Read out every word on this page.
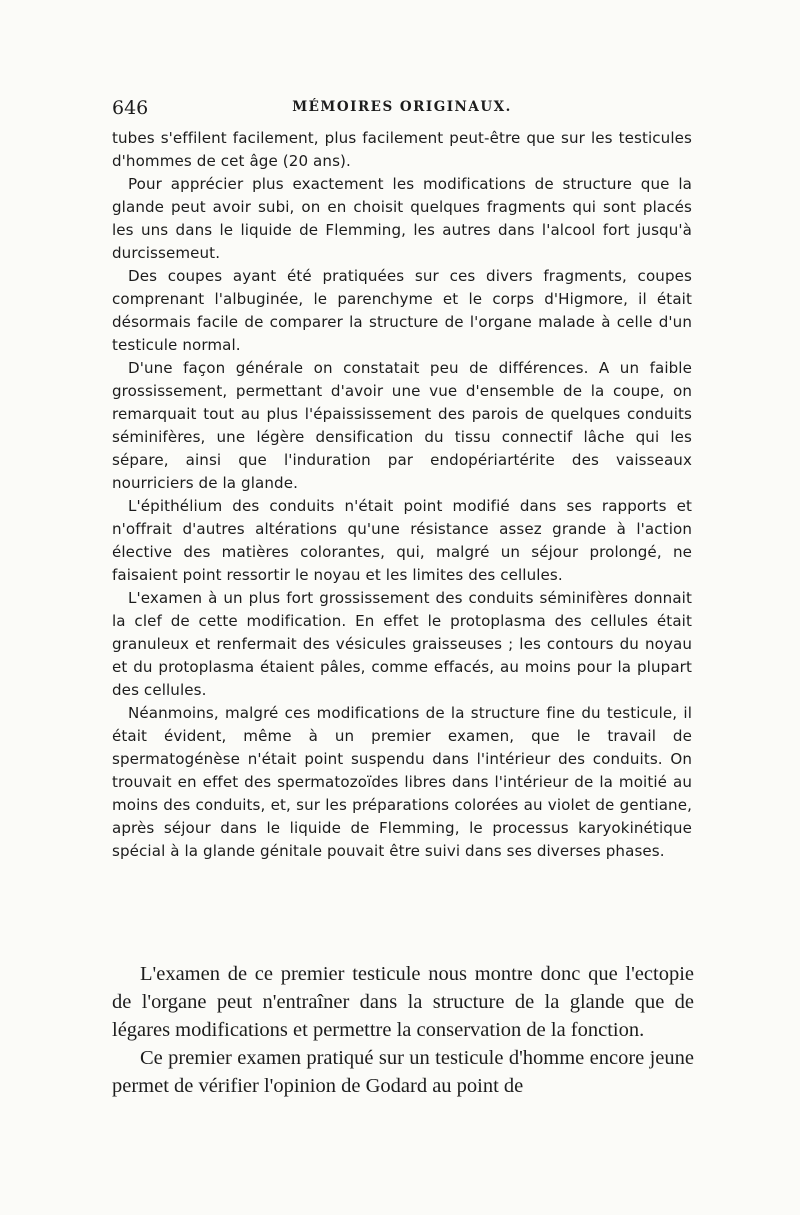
646	MÉMOIRES ORIGINAUX.

tubes s'effilent facilement, plus facilement peut-être que sur les testicules d'hommes de cet âge (20 ans).

Pour apprécier plus exactement les modifications de structure que la glande peut avoir subi, on en choisit quelques fragments qui sont placés les uns dans le liquide de Flemming, les autres dans l'alcool fort jusqu'à durcissemeut.

Des coupes ayant été pratiquées sur ces divers fragments, coupes comprenant l'albuginée, le parenchyme et le corps d'Higmore, il était désormais facile de comparer la structure de l'organe malade à celle d'un testicule normal.

D'une façon générale on constatait peu de différences. A un faible grossissement, permettant d'avoir une vue d'ensemble de la coupe, on remarquait tout au plus l'épaississement des parois de quelques conduits séminifères, une légère densification du tissu connectif lâche qui les sépare, ainsi que l'induration par endopériartérite des vaisseaux nourriciers de la glande.

L'épithélium des conduits n'était point modifié dans ses rapports et n'offrait d'autres altérations qu'une résistance assez grande à l'action élective des matières colorantes, qui, malgré un séjour prolongé, ne faisaient point ressortir le noyau et les limites des cellules.

L'examen à un plus fort grossissement des conduits séminifères donnait la clef de cette modification. En effet le protoplasma des cellules était granuleux et renfermait des vésicules graisseuses ; les contours du noyau et du protoplasma étaient pâles, comme effacés, au moins pour la plupart des cellules.

Néanmoins, malgré ces modifications de la structure fine du testicule, il était évident, même à un premier examen, que le travail de spermatogénèse n'était point suspendu dans l'intérieur des conduits. On trouvait en effet des spermatozoïdes libres dans l'intérieur de la moitié au moins des conduits, et, sur les préparations colorées au violet de gentiane, après séjour dans le liquide de Flemming, le processus karyokinétique spécial à la glande génitale pouvait être suivi dans ses diverses phases.

L'examen de ce premier testicule nous montre donc que l'ectopie de l'organe peut n'entraîner dans la structure de la glande que de légares modifications et permettre la conservation de la fonction.

Ce premier examen pratiqué sur un testicule d'homme encore jeune permet de vérifier l'opinion de Godard au point de
